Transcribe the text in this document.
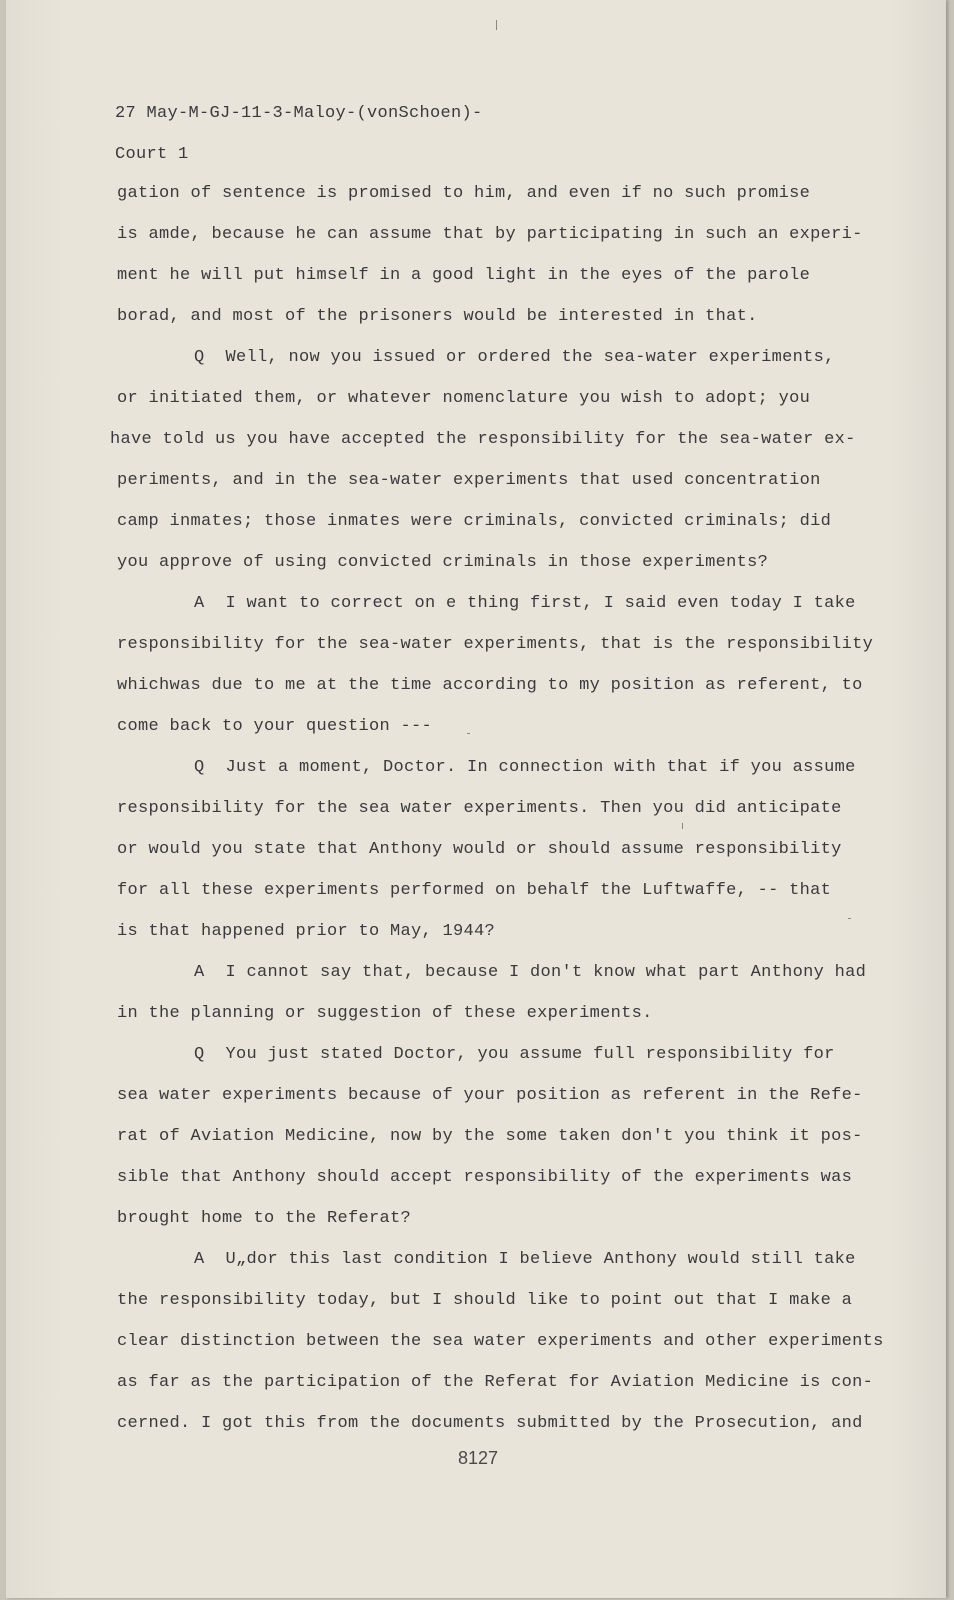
27 May-M-GJ-11-3-Maloy-(vonSchoen)-
Court 1
gation of sentence is promised to him, and even if no such promise
is amde, because he can assume that by participating in such an experi-
ment he will put himself in a good light in the eyes of the parole
borad, and most of the prisoners would be interested in that.
Q  Well, now you issued or ordered the sea-water experiments,
or initiated them, or whatever nomenclature you wish to adopt; you
have told us you have accepted the responsibility for the sea-water ex-
periments, and in the sea-water experiments that used concentration
camp inmates; those inmates were criminals, convicted criminals; did
you approve of using convicted criminals in those experiments?
A  I want to correct on e thing first, I said even today I take
responsibility for the sea-water experiments, that is the responsibility
whichwas due to me at the time according to my position as referent, to
come back to your question ---
Q  Just a moment, Doctor. In connection with that if you assume
responsibility for the sea water experiments. Then you did anticipate
or would you state that Anthony would or should assume responsibility
for all these experiments performed on behalf the Luftwaffe, -- that
is that happened prior to May, 1944?
A  I cannot say that, because I don't know what part Anthony had
in the planning or suggestion of these experiments.
Q  You just stated Doctor, you assume full responsibility for
sea water experiments because of your position as referent in the Refe-
rat of Aviation Medicine, now by the some taken don't you think it pos-
sible that Anthony should accept responsibility of the experiments was
brought home to the Referat?
A  U„dor this last condition I believe Anthony would still take
the responsibility today, but I should like to point out that I make a
clear distinction between the sea water experiments and other experiments
as far as the participation of the Referat for Aviation Medicine is con-
cerned. I got this from the documents submitted by the Prosecution, and
8127
